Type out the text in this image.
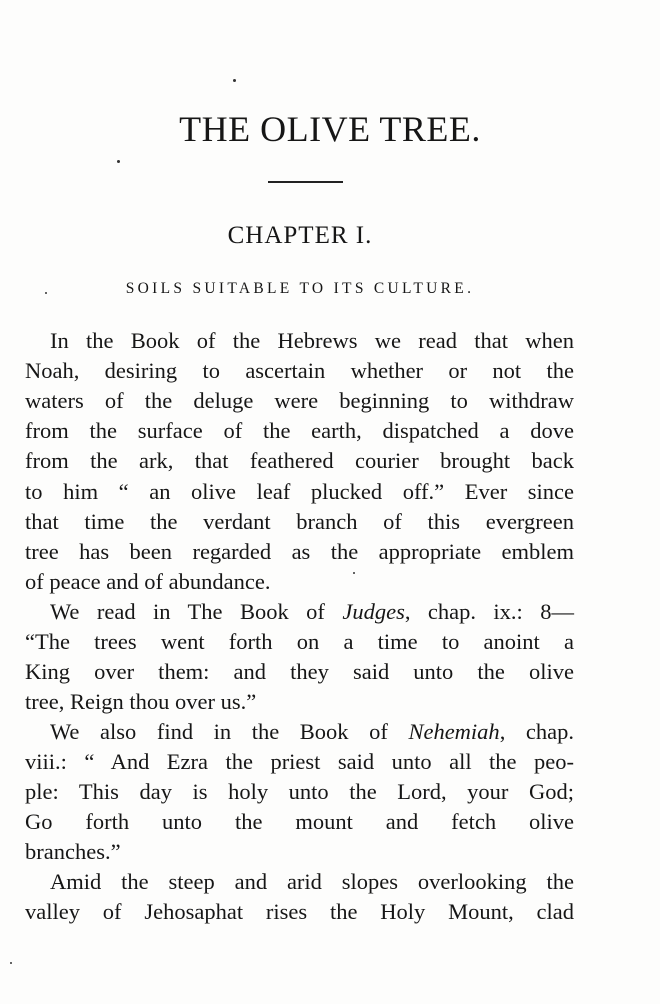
THE OLIVE TREE.
CHAPTER I.
SOILS SUITABLE TO ITS CULTURE.
In the Book of the Hebrews we read that when
Noah, desiring to ascertain whether or not the
waters of the deluge were beginning to withdraw
from the surface of the earth, dispatched a dove
from the ark, that feathered courier brought back
to him “ an olive leaf plucked off.” Ever since
that time the verdant branch of this evergreen
tree has been regarded as the appropriate emblem
of peace and of abundance.
We read in The Book of Judges, chap. ix.: 8—
“The trees went forth on a time to anoint a
King over them: and they said unto the olive
tree, Reign thou over us.”
We also find in the Book of Nehemiah, chap.
viii.: “ And Ezra the priest said unto all the peo-
ple: This day is holy unto the Lord, your God;
Go forth unto the mount and fetch olive
branches.”
Amid the steep and arid slopes overlooking the
valley of Jehosaphat rises the Holy Mount, clad
